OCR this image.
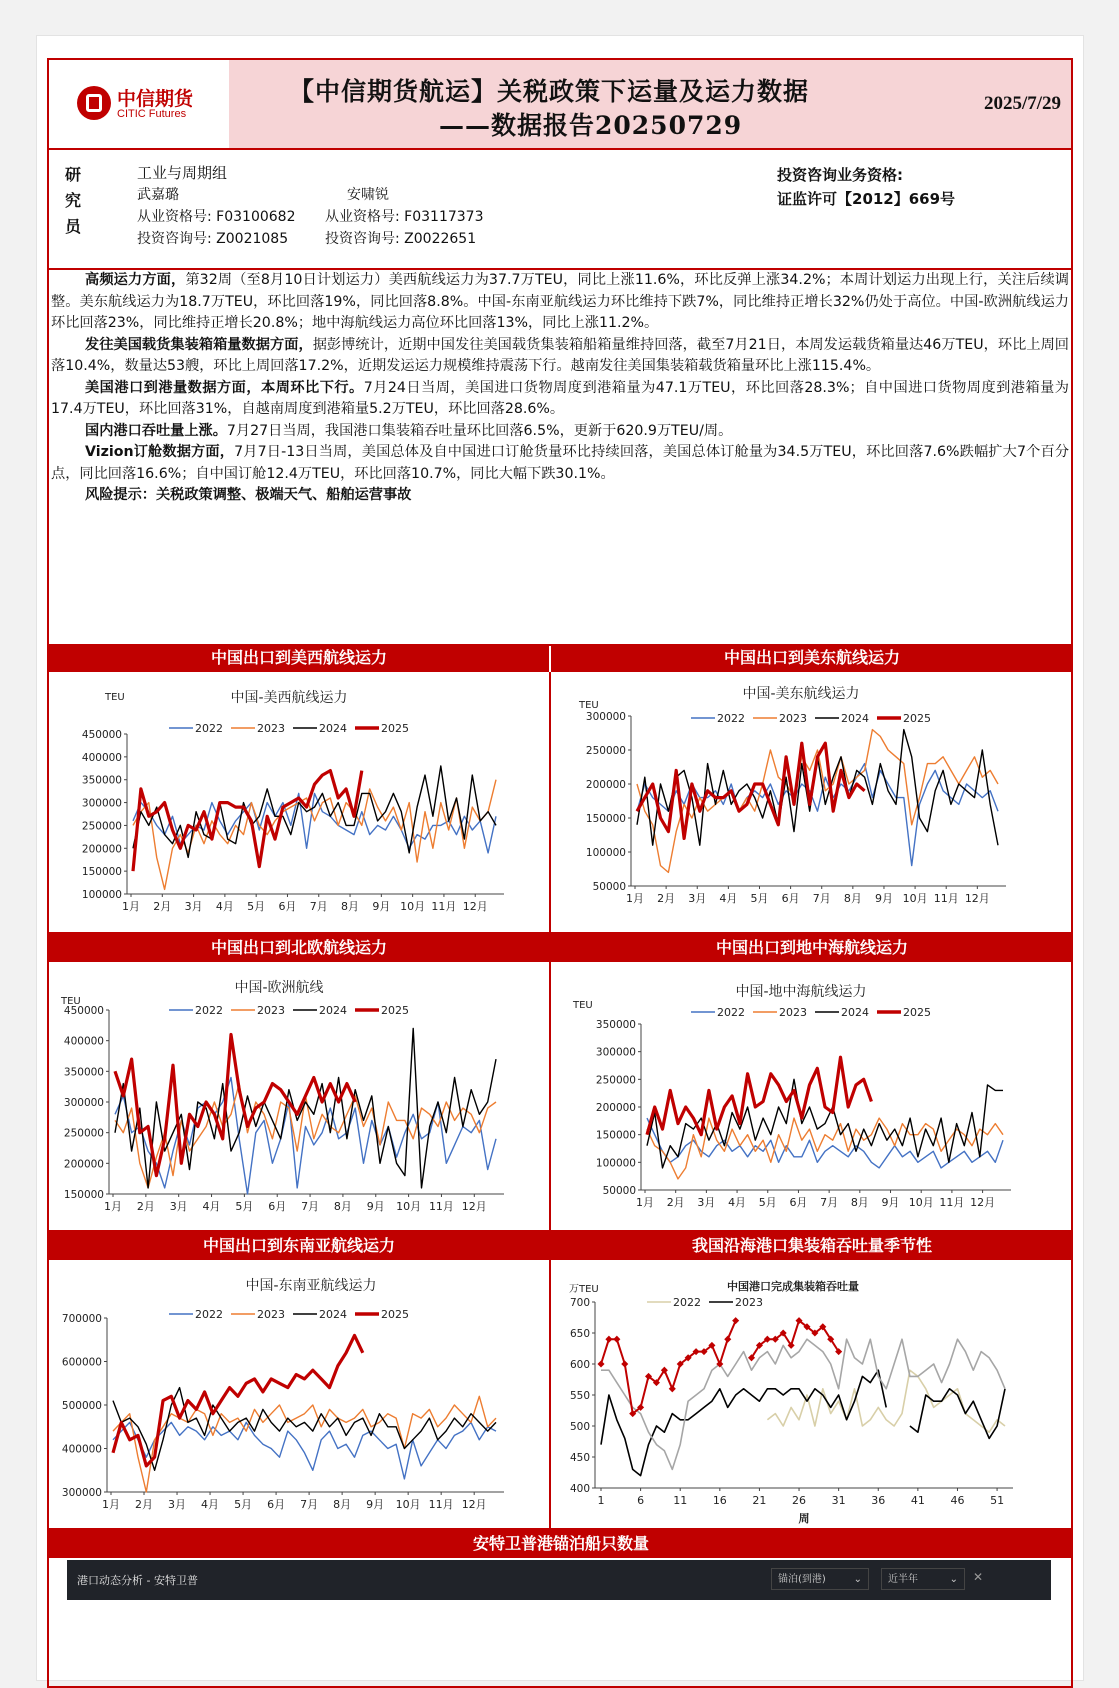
中信期货
CITIC Futures
【中信期货航运】关税政策下运量及运力数据
——数据报告20250729
2025/7/29
研
究
员
工业与周期组
武嘉璐
从业资格号: F03100682
投资咨询号: Z0021085
安啸锐
从业资格号: F03117373
投资咨询号: Z0022651
投资咨询业务资格:
证监许可【2012】669号

高频运力方面，第32周（至8月10日计划运力）美西航线运力为37.7万TEU，同比上涨11.6%，环比反弹上涨34.2%；本周计划运力出现上行，关注后续调整。美东航线运力为18.7万TEU，环比回落19%，同比回落8.8%。中国-东南亚航线运力环比维持下跌7%，同比维持正增长32%仍处于高位。中国-欧洲航线运力环比回落23%，同比维持正增长20.8%；地中海航线运力高位环比回落13%，同比上涨11.2%。

发往美国载货集装箱箱量数据方面，据彭博统计，近期中国发往美国载货集装箱船箱量维持回落，截至7月21日，本周发运载货箱量达46万TEU，环比上周回落10.4%，数量达53艘，环比上周回落17.2%，近期发运运力规模维持震荡下行。越南发往美国集装箱载货箱量环比上涨115.4%。

美国港口到港量数据方面，本周环比下行。7月24日当周，美国进口货物周度到港箱量为47.1万TEU，环比回落28.3%；自中国进口货物周度到港箱量为17.4万TEU，环比回落31%，自越南周度到港箱量5.2万TEU，环比回落28.6%。

国内港口吞吐量上涨。7月27日当周，我国港口集装箱吞吐量环比回落6.5%，更新于620.9万TEU/周。

Vizion订舱数据方面，7月7日-13日当周，美国总体及自中国进口订舱货量环比持续回落，美国总体订舱量为34.5万TEU，环比回落7.6%跌幅扩大7个百分点，同比回落16.6%；自中国订舱12.4万TEU，环比回落10.7%，同比大幅下跌30.1%。

风险提示：关税政策调整、极端天气、船舶运营事故

中国出口到美西航线运力	中国出口到美东航线运力
中国-美西航线运力
TEU
100000
150000
200000
250000
300000
350000
400000
450000
1月 2月 3月 4月 5月 6月 7月 8月 9月 10月 11月 12月
2022	2023	2024	2025
中国-美东航线运力
TEU
50000
100000
150000
200000
250000
300000
1月 2月 3月 4月 5月 6月 7月 8月 9月 10月 11月 12月
2022	2023	2024	2025
中国出口到北欧航线运力	中国出口到地中海航线运力
中国-欧洲航线
TEU
150000
200000
250000
300000
350000
400000
450000
1月 2月 3月 4月 5月 6月 7月 8月 9月 10月 11月 12月
2022	2023	2024	2025
中国-地中海航线运力
TEU
50000
100000
150000
200000
250000
300000
350000
1月 2月 3月 4月 5月 6月 7月 8月 9月 10月 11月 12月
2022	2023	2024	2025
中国出口到东南亚航线运力	我国沿海港口集装箱吞吐量季节性
中国-东南亚航线运力
300000
400000
500000
600000
700000
1月 2月 3月 4月 5月 6月 7月 8月 9月 10月 11月 12月
2022	2023	2024	2025
中国港口完成集装箱吞吐量
万TEU
400
450
500
550
600
650
700
1	6	11 16 21 26 31 36 41 46 51
周
2022	2023
安特卫普港锚泊船只数量
港口动态分析 - 安特卫普	锚泊(到港)	⌄	近半年	⌄ ✕
